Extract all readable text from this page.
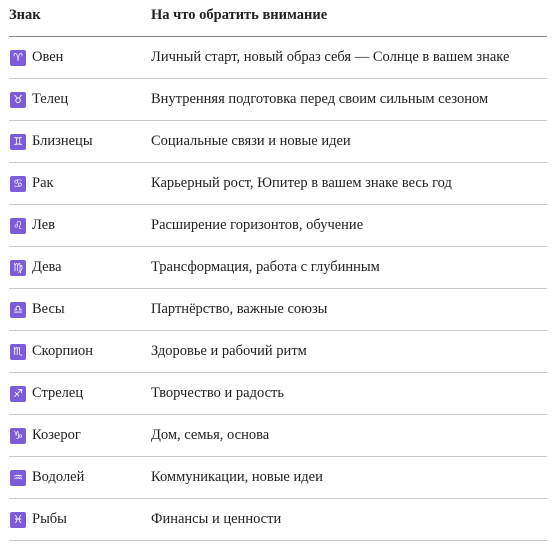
Знак	На что обратить внимание
♈ Овен	Личный старт, новый образ себя — Солнце в вашем знаке
♉ Телец	Внутренняя подготовка перед своим сильным сезоном
♊ Близнецы	Социальные связи и новые идеи
♋ Рак	Карьерный рост, Юпитер в вашем знаке весь год
♌ Лев	Расширение горизонтов, обучение
♍ Дева	Трансформация, работа с глубинным
♎ Весы	Партнёрство, важные союзы
♏ Скорпион	Здоровье и рабочий ритм
♐ Стрелец	Творчество и радость
♑ Козерог	Дом, семья, основа
♒ Водолей	Коммуникации, новые идеи
♓ Рыбы	Финансы и ценности
